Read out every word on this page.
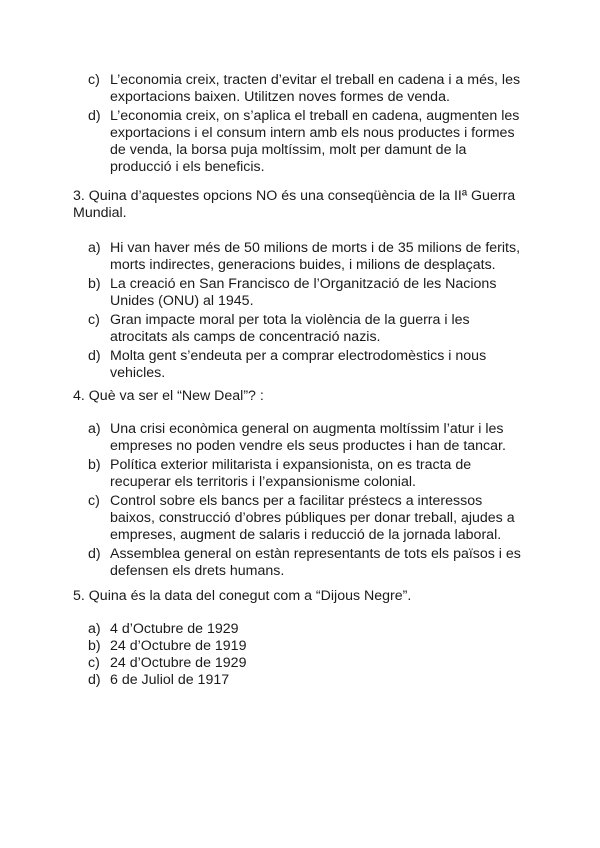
c) L’economia creix, tracten d’evitar el treball en cadena i a més, les exportacions baixen. Utilitzen noves formes de venda.
d) L’economia creix, on s’aplica el treball en cadena, augmenten les exportacions i el consum intern amb els nous productes i formes de venda, la borsa puja moltíssim, molt per damunt de la producció i els beneficis.

3. Quina d’aquestes opcions NO és una conseqüència de la IIª Guerra Mundial.

a) Hi van haver més de 50 milions de morts i de 35 milions de ferits, morts indirectes, generacions buides, i milions de desplaçats.
b) La creació en San Francisco de l’Organització de les Nacions Unides (ONU) al 1945.
c) Gran impacte moral per tota la violència de la guerra i les atrocitats als camps de concentració nazis.
d) Molta gent s’endeuta per a comprar electrodomèstics i nous vehicles.

4. Què va ser el “New Deal”? :

a) Una crisi econòmica general on augmenta moltíssim l’atur i les empreses no poden vendre els seus productes i han de tancar.
b) Política exterior militarista i expansionista, on es tracta de recuperar els territoris i l’expansionisme colonial.
c) Control sobre els bancs per a facilitar préstecs a interessos baixos, construcció d’obres públiques per donar treball, ajudes a empreses, augment de salaris i reducció de la jornada laboral.
d) Assemblea general on estàn representants de tots els països i es defensen els drets humans.

5. Quina és la data del conegut com a “Dijous Negre”.

a) 4 d’Octubre de 1929
b) 24 d’Octubre de 1919
c) 24 d’Octubre de 1929
d) 6 de Juliol de 1917
